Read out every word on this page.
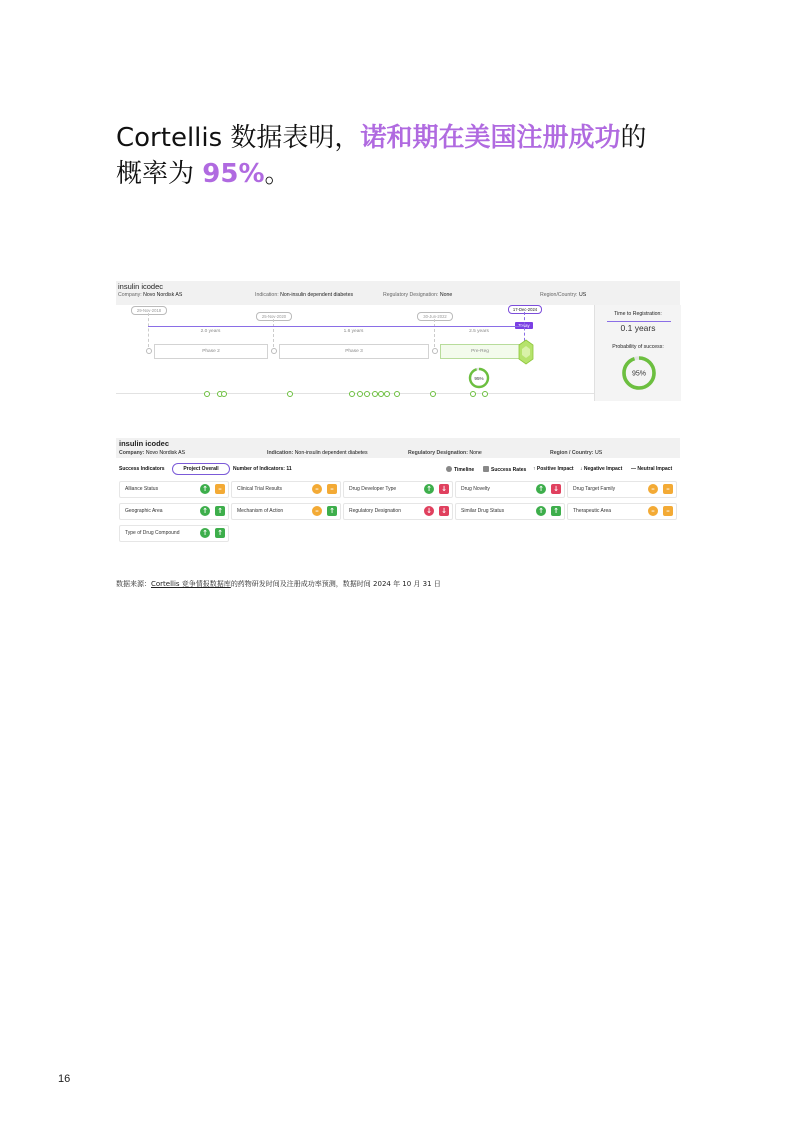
Cortellis 数据表明，诺和期在美国注册成功的
概率为 95%。
insulin icodec
Company: Novo Nordisk AS	Indication: Non-insulin dependent diabetes	Regulatory Designation: None	Region/Country: US
29-Nov-2018
25-Nov-2020	30-Jun-2022
17-Dec-2024
Today
2.0 years	1.6 years	2.5 years
Phase 2	Phase 3	Pre-Reg
95%
Time to Registration:
0.1 years
Probability of success:
95%
insulin icodec
Company: Novo Nordisk AS	Indication: Non-insulin dependent diabetes	Regulatory Designation: None	Region / Country: US
Success Indicators	Project Overall	Number of Indicators: 11	Timeline	Success Rates ↑ Positive Impact ↓ Negative Impact — Neutral Impact
Alliance Status	↑	–	Clinical Trial Results	–	–	Drug Developer Type	↑ ↓	Drug Novelty	↑ ↓	Drug Target Family	–	–
Geographic Area	↑ ↑	Mechanism of Action	–	↑	Regulatory Designation	↓ ↓	Similar Drug Status	↑ ↑	Therapeutic Area	–	–
Type of Drug Compound	↑ ↑
数据来源：Cortellis 竞争情报数据库的药物研发时间及注册成功率预测，数据时间 2024 年 10 月 31 日
16
